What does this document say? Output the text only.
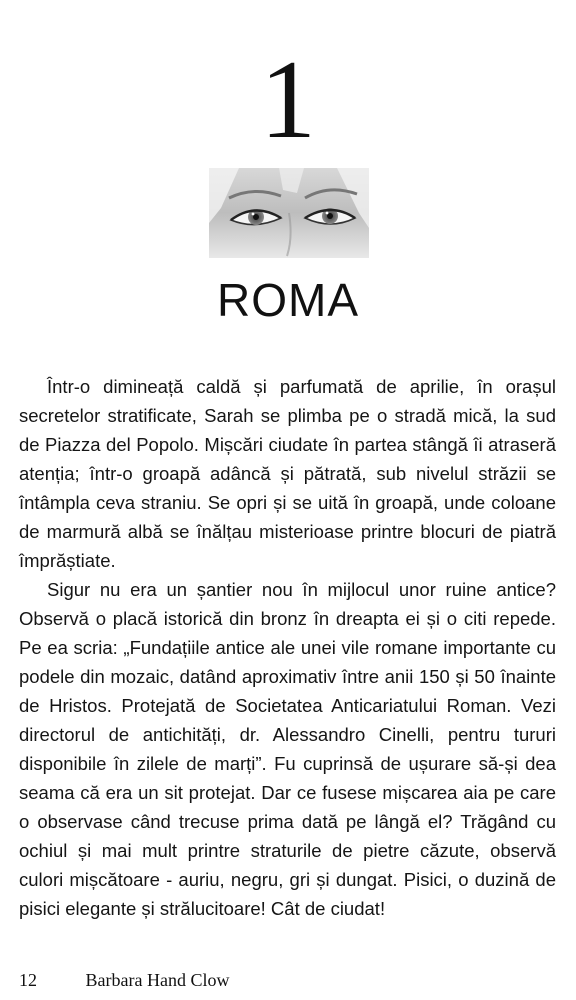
1
ROMA

Într-o dimineață caldă și parfumată de aprilie, în orașul secretelor stratificate, Sarah se plimba pe o stradă mică, la sud de Piazza del Popolo. Mișcări ciudate în partea stângă îi atraseră atenția; într-o groapă adâncă și pătrată, sub nivelul străzii se întâmpla ceva straniu. Se opri și se uită în groapă, unde coloane de marmură albă se înălțau misterioase printre blocuri de piatră împrăștiate.

Sigur nu era un șantier nou în mijlocul unor ruine antice? Observă o placă istorică din bronz în dreapta ei și o citi repede. Pe ea scria: „Fundațiile antice ale unei vile romane importante cu podele din mozaic, datând aproximativ între anii 150 și 50 înainte de Hristos. Protejată de Societatea Anticariatului Roman. Vezi directorul de antichități, dr. Alessandro Cinelli, pentru tururi disponibile în zilele de marți”. Fu cuprinsă de ușurare să-și dea seama că era un sit protejat. Dar ce fusese mișcarea aia pe care o observase când trecuse prima dată pe lângă el? Trăgând cu ochiul și mai mult printre straturile de pietre căzute, observă culori mișcătoare - auriu, negru, gri și dungat. Pisici, o duzină de pisici elegante și strălucitoare! Cât de ciudat!

12	Barbara Hand Clow
